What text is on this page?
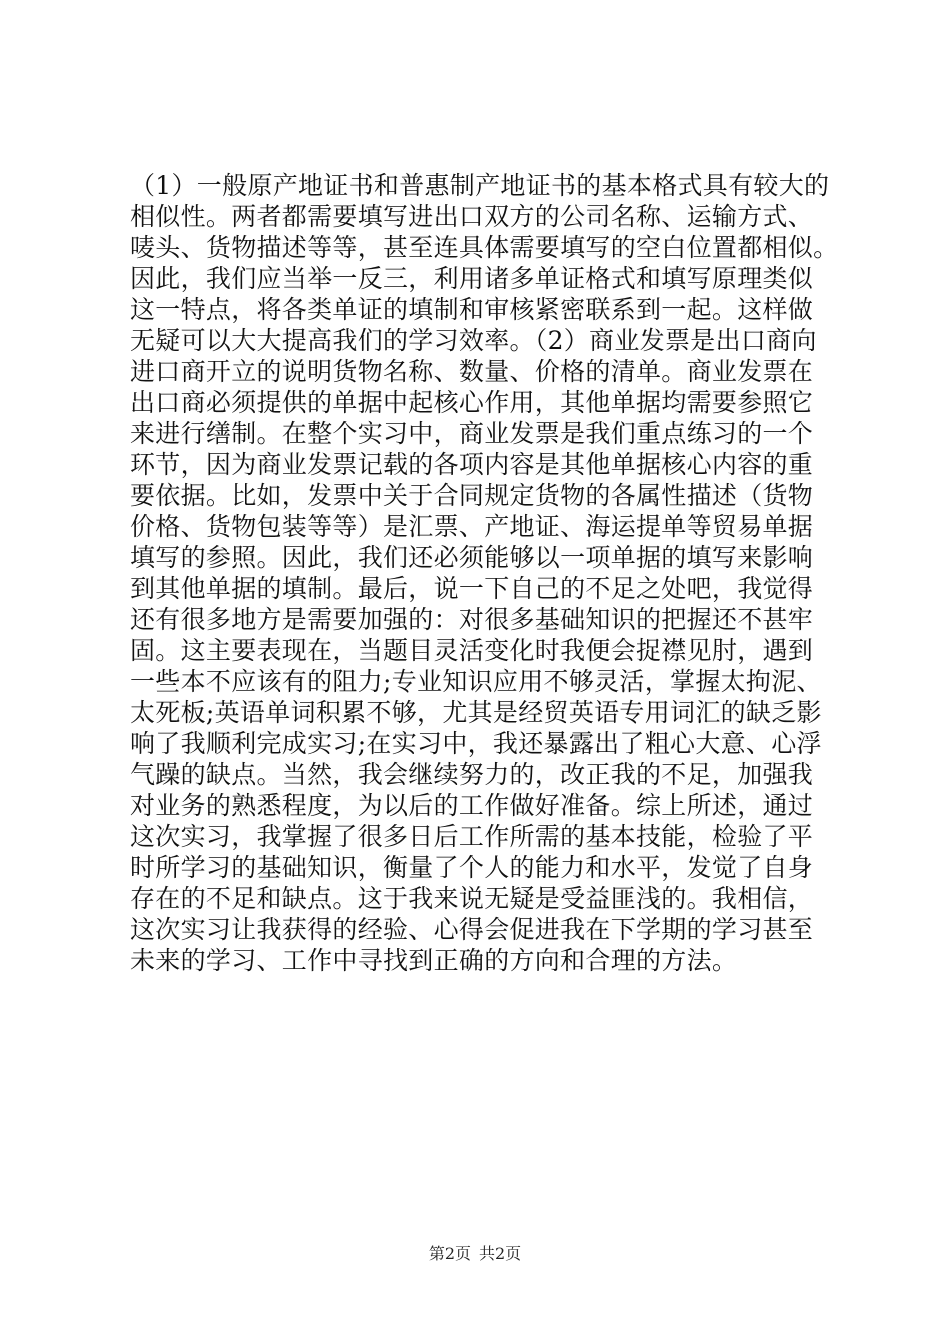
（1）一般原产地证书和普惠制产地证书的基本格式具有较大的
相似性。两者都需要填写进出口双方的公司名称、运输方式、
唛头、货物描述等等，甚至连具体需要填写的空白位置都相似。
因此，我们应当举一反三，利用诸多单证格式和填写原理类似
这一特点，将各类单证的填制和审核紧密联系到一起。这样做
无疑可以大大提高我们的学习效率。（2）商业发票是出口商向
进口商开立的说明货物名称、数量、价格的清单。商业发票在
出口商必须提供的单据中起核心作用，其他单据均需要参照它
来进行缮制。在整个实习中，商业发票是我们重点练习的一个
环节，因为商业发票记载的各项内容是其他单据核心内容的重
要依据。比如，发票中关于合同规定货物的各属性描述（货物
价格、货物包装等等）是汇票、产地证、海运提单等贸易单据
填写的参照。因此，我们还必须能够以一项单据的填写来影响
到其他单据的填制。最后，说一下自己的不足之处吧，我觉得
还有很多地方是需要加强的：对很多基础知识的把握还不甚牢
固。这主要表现在，当题目灵活变化时我便会捉襟见肘，遇到
一些本不应该有的阻力;专业知识应用不够灵活，掌握太拘泥、
太死板;英语单词积累不够，尤其是经贸英语专用词汇的缺乏影
响了我顺利完成实习;在实习中，我还暴露出了粗心大意、心浮
气躁的缺点。当然，我会继续努力的，改正我的不足，加强我
对业务的熟悉程度，为以后的工作做好准备。综上所述，通过
这次实习，我掌握了很多日后工作所需的基本技能，检验了平
时所学习的基础知识，衡量了个人的能力和水平，发觉了自身
存在的不足和缺点。这于我来说无疑是受益匪浅的。我相信，
这次实习让我获得的经验、心得会促进我在下学期的学习甚至
未来的学习、工作中寻找到正确的方向和合理的方法。
第2页 共2页
